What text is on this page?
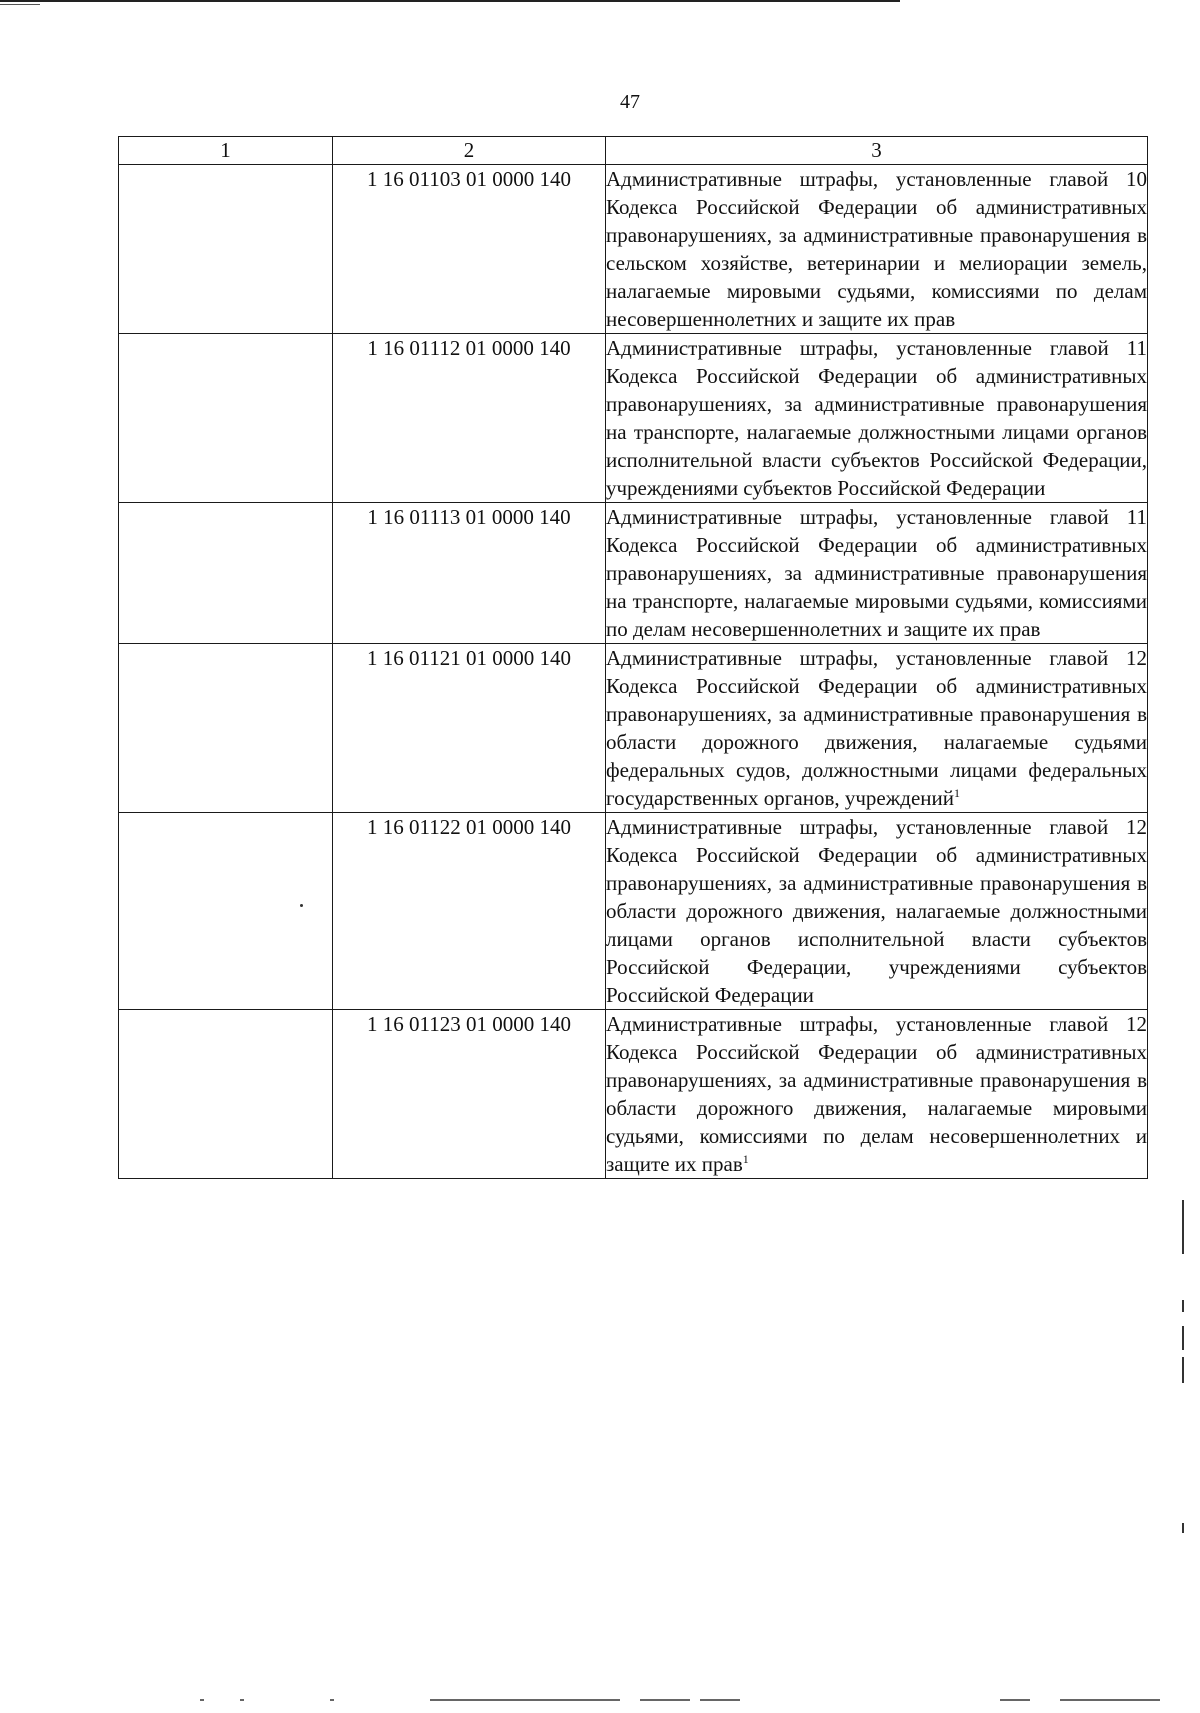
47
1	2	3
	1 16 01103 01 0000 140	Административные штрафы, установленные главой 10 Кодекса Российской Федерации об административных правонарушениях, за административные правонарушения в сельском хозяйстве, ветеринарии и мелиорации земель, налагаемые мировыми судьями, комиссиями по делам несовершеннолетних и защите их прав
	1 16 01112 01 0000 140	Административные штрафы, установленные главой 11 Кодекса Российской Федерации об административных правонарушениях, за административные правонарушения на транспорте, налагаемые должностными лицами органов исполнительной власти субъектов Российской Федерации, учреждениями субъектов Российской Федерации
	1 16 01113 01 0000 140	Административные штрафы, установленные главой 11 Кодекса Российской Федерации об административных правонарушениях, за административные правонарушения на транспорте, налагаемые мировыми судьями, комиссиями по делам несовершеннолетних и защите их прав
	1 16 01121 01 0000 140	Административные штрафы, установленные главой 12 Кодекса Российской Федерации об административных правонарушениях, за административные правонарушения в области дорожного движения, налагаемые судьями федеральных судов, должностными лицами федеральных государственных органов, учреждений$^1$
	1 16 01122 01 0000 140	Административные штрафы, установленные главой 12 Кодекса Российской Федерации об административных правонарушениях, за административные правонарушения в области дорожного движения, налагаемые должностными лицами органов исполнительной власти субъектов Российской Федерации, учреждениями субъектов Российской Федерации
	1 16 01123 01 0000 140	Административные штрафы, установленные главой 12 Кодекса Российской Федерации об административных правонарушениях, за административные правонарушения в области дорожного движения, налагаемые мировыми судьями, комиссиями по делам несовершеннолетних и защите их прав$^1$
